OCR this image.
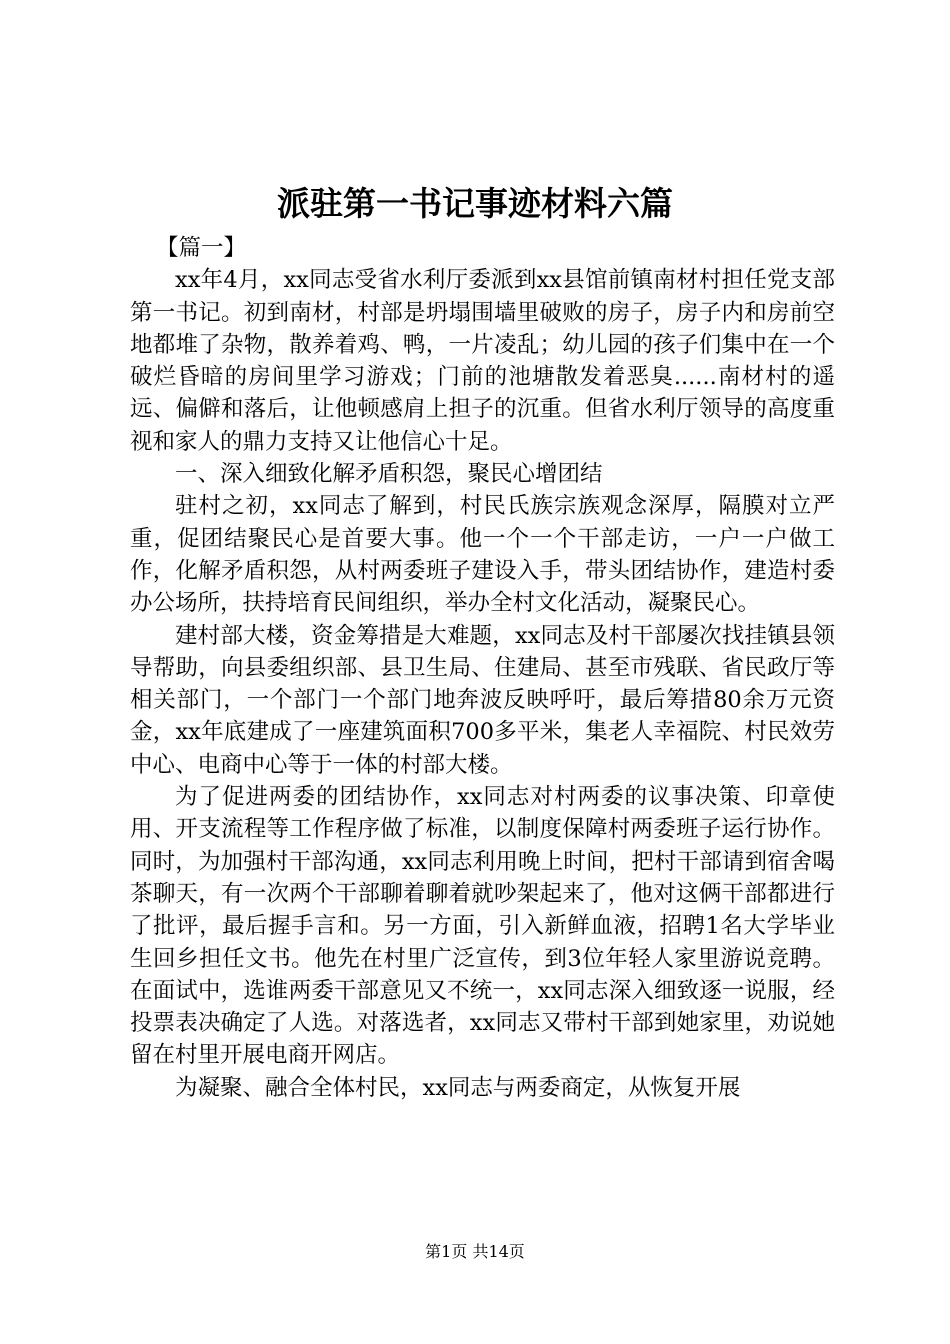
派驻第一书记事迹材料六篇

【篇一】

xx年4月，xx同志受省水利厅委派到xx县馆前镇南材村担任党支部第一书记。初到南材，村部是坍塌围墙里破败的房子，房子内和房前空地都堆了杂物，散养着鸡、鸭，一片凌乱；幼儿园的孩子们集中在一个破烂昏暗的房间里学习游戏；门前的池塘散发着恶臭......南材村的遥远、偏僻和落后，让他顿感肩上担子的沉重。但省水利厅领导的高度重视和家人的鼎力支持又让他信心十足。

一、深入细致化解矛盾积怨，聚民心增团结

驻村之初，xx同志了解到，村民氏族宗族观念深厚，隔膜对立严重，促团结聚民心是首要大事。他一个一个干部走访，一户一户做工作，化解矛盾积怨，从村两委班子建设入手，带头团结协作，建造村委办公场所，扶持培育民间组织，举办全村文化活动，凝聚民心。

建村部大楼，资金筹措是大难题，xx同志及村干部屡次找挂镇县领导帮助，向县委组织部、县卫生局、住建局、甚至市残联、省民政厅等相关部门，一个部门一个部门地奔波反映呼吁，最后筹措80余万元资金，xx年底建成了一座建筑面积700多平米，集老人幸福院、村民效劳中心、电商中心等于一体的村部大楼。

为了促进两委的团结协作，xx同志对村两委的议事决策、印章使用、开支流程等工作程序做了标准，以制度保障村两委班子运行协作。同时，为加强村干部沟通，xx同志利用晚上时间，把村干部请到宿舍喝茶聊天，有一次两个干部聊着聊着就吵架起来了，他对这俩干部都进行了批评，最后握手言和。另一方面，引入新鲜血液，招聘1名大学毕业生回乡担任文书。他先在村里广泛宣传，到3位年轻人家里游说竞聘。在面试中，选谁两委干部意见又不统一，xx同志深入细致逐一说服，经投票表决确定了人选。对落选者，xx同志又带村干部到她家里，劝说她留在村里开展电商开网店。

为凝聚、融合全体村民，xx同志与两委商定，从恢复开展

第1页 共14页
